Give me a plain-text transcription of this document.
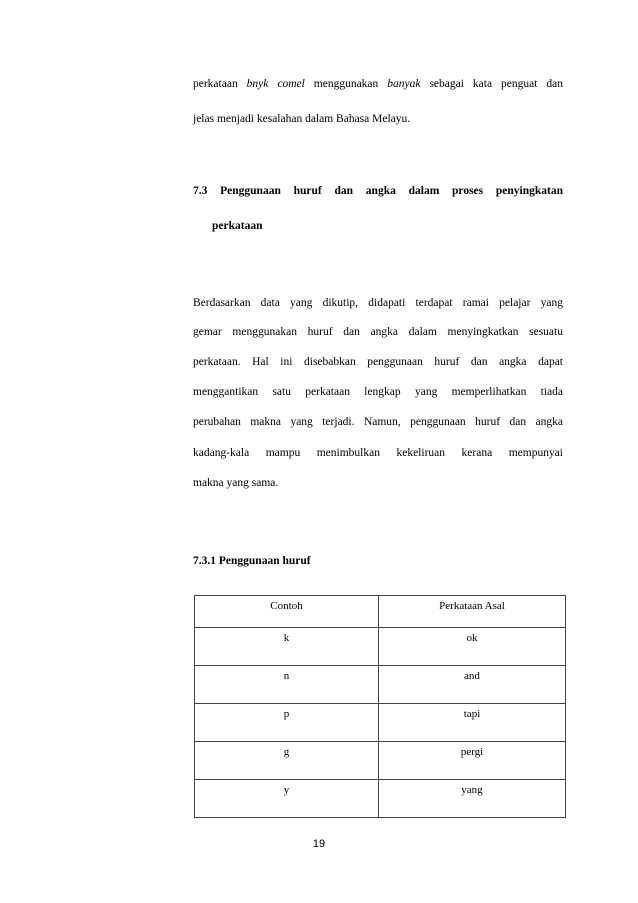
perkataan bnyk comel menggunakan banyak sebagai kata penguat dan
jelas menjadi kesalahan dalam Bahasa Melayu.
7.3 Penggunaan huruf dan angka dalam proses penyingkatan
perkataan
Berdasarkan data yang dikutip, didapati terdapat ramai pelajar yang
gemar menggunakan huruf dan angka dalam menyingkatkan sesuatu
perkataan. Hal ini disebabkan penggunaan huruf dan angka dapat
menggantikan satu perkataan lengkap yang memperlihatkan tiada
perubahan makna yang terjadi. Namun, penggunaan huruf dan angka
kadang-kala mampu menimbulkan kekeliruan kerana mempunyai
makna yang sama.
7.3.1 Penggunaan huruf
Contoh	Perkataan Asal
k	ok
n	and
p	tapi
g	pergi
y	yang
19
